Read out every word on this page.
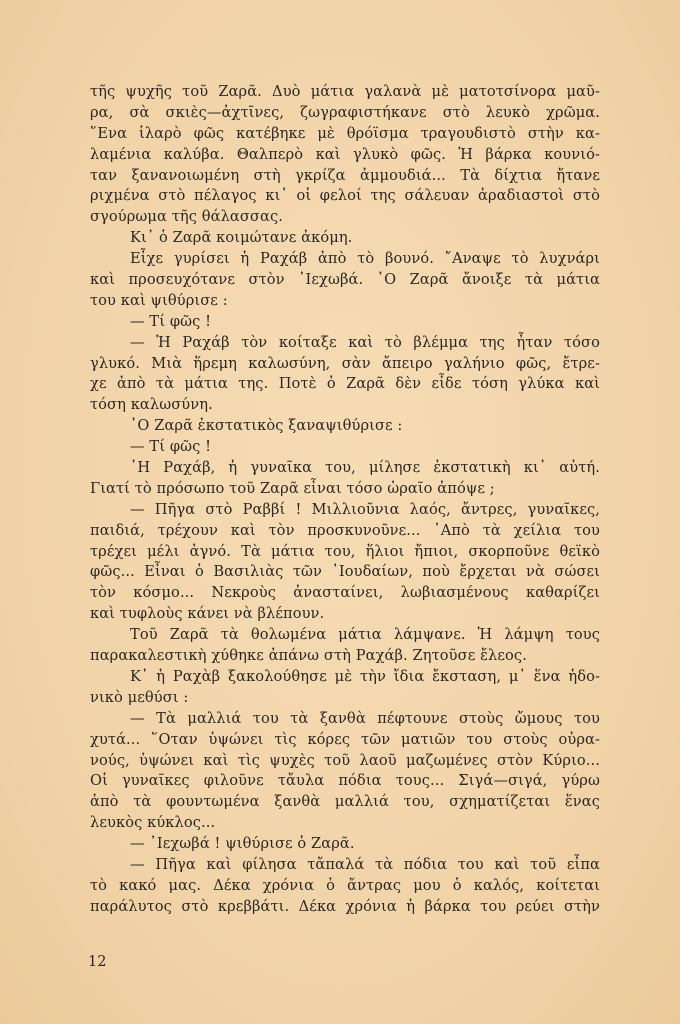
τῆς ψυχῆς τοῦ Ζαρᾶ. Δυὸ μάτια γαλανὰ μὲ ματοτσίνορα μαῦ-
ρα, σὰ σκιὲς—ἀχτῖνες, ζωγραφιστήκανε στὸ λευκὸ χρῶμα.
῞Ενα ἱλαρὸ φῶς κατέβηκε μὲ θρόϊσμα τραγουδιστὸ στὴν κα-
λαμένια καλύβα. Θαλπερὸ καὶ γλυκὸ φῶς. Ἡ βάρκα κουνιό-
ταν ξανανοιωμένη στὴ γκρίζα ἀμμουδιά... Τὰ δίχτια ἤτανε
ριχμένα στὸ πέλαγος κι᾽ οἱ φελοί της σάλευαν ἀραδιαστοὶ στὸ
σγούρωμα τῆς θάλασσας.
Κι᾽ ὁ Ζαρᾶ κοιμώτανε ἀκόμη.
Εἶχε γυρίσει ἡ Ραχάβ ἀπὸ τὸ βουνό. ῎Αναψε τὸ λυχνάρι
καὶ προσευχότανε στὸν ᾽Ιεχωβά. ῾Ο Ζαρᾶ ἄνοιξε τὰ μάτια
του καὶ ψιθύρισε :
— Τί φῶς !
— Ἡ Ραχάβ τὸν κοίταξε καὶ τὸ βλέμμα της ἦταν τόσο
γλυκό. Μιὰ ἥρεμη καλωσύνη, σὰν ἄπειρο γαλήνιο φῶς, ἔτρε-
χε ἀπὸ τὰ μάτια της. Ποτὲ ὁ Ζαρᾶ δὲν εἶδε τόση γλύκα καὶ
τόση καλωσύνη.
῾Ο Ζαρᾶ ἐκστατικὸς ξαναψιθύρισε :
— Τί φῶς !
῾Η Ραχάβ, ἡ γυναῖκα του, μίλησε ἐκστατικὴ κι᾽ αὐτή.
Γιατί τὸ πρόσωπο τοῦ Ζαρᾶ εἶναι τόσο ὡραῖο ἀπόψε ;
— Πῆγα στὸ Ραββί ! Μιλλιοῦνια λαός, ἄντρες, γυναῖκες,
παιδιά, τρέχουν καὶ τὸν προσκυνοῦνε... ᾽Απὸ τὰ χείλια του
τρέχει μέλι ἁγνό. Τὰ μάτια του, ἥλιοι ἤπιοι, σκορποῦνε θεϊκὸ
φῶς... Εἶναι ὁ Βασιλιὰς τῶν ᾽Ιουδαίων, ποὺ ἔρχεται νὰ σώσει
τὸν κόσμο... Νεκροὺς ἀνασταίνει, λωβιασμένους καθαρίζει
καὶ τυφλοὺς κάνει νὰ βλέπουν.
Τοῦ Ζαρᾶ τὰ θολωμένα μάτια λάμψανε. Ἡ λάμψη τους
παρακαλεστικὴ χύθηκε ἀπάνω στὴ Ραχάβ. Ζητοῦσε ἔλεος.
Κ᾽ ἡ Ραχὰβ ξακολούθησε μὲ τὴν ἴδια ἔκσταση, μ᾽ ἕνα ἡδο-
νικὸ μεθύσι :
— Τὰ μαλλιά του τὰ ξανθὰ πέφτουνε στοὺς ὤμους του
χυτά... ῞Οταν ὑψώνει τὶς κόρες τῶν ματιῶν του στοὺς οὐρα-
νούς, ὑψώνει καὶ τὶς ψυχὲς τοῦ λαοῦ μαζωμένες στὸν Κύριο...
Οἱ γυναῖκες φιλοῦνε τἄυλα πόδια τους... Σιγά—σιγά, γύρω
ἀπὸ τὰ φουντωμένα ξανθὰ μαλλιά του, σχηματίζεται ἕνας
λευκὸς κύκλος...
— ᾽Ιεχωβά ! ψιθύρισε ὁ Ζαρᾶ.
— Πῆγα καὶ φίλησα τἄπαλά τὰ πόδια του καὶ τοῦ εἶπα
τὸ κακό μας. Δέκα χρόνια ὁ ἄντρας μου ὁ καλός, κοίτεται
παράλυτος στὸ κρεββάτι. Δέκα χρόνια ἡ βάρκα του ρεύει στὴν
12
